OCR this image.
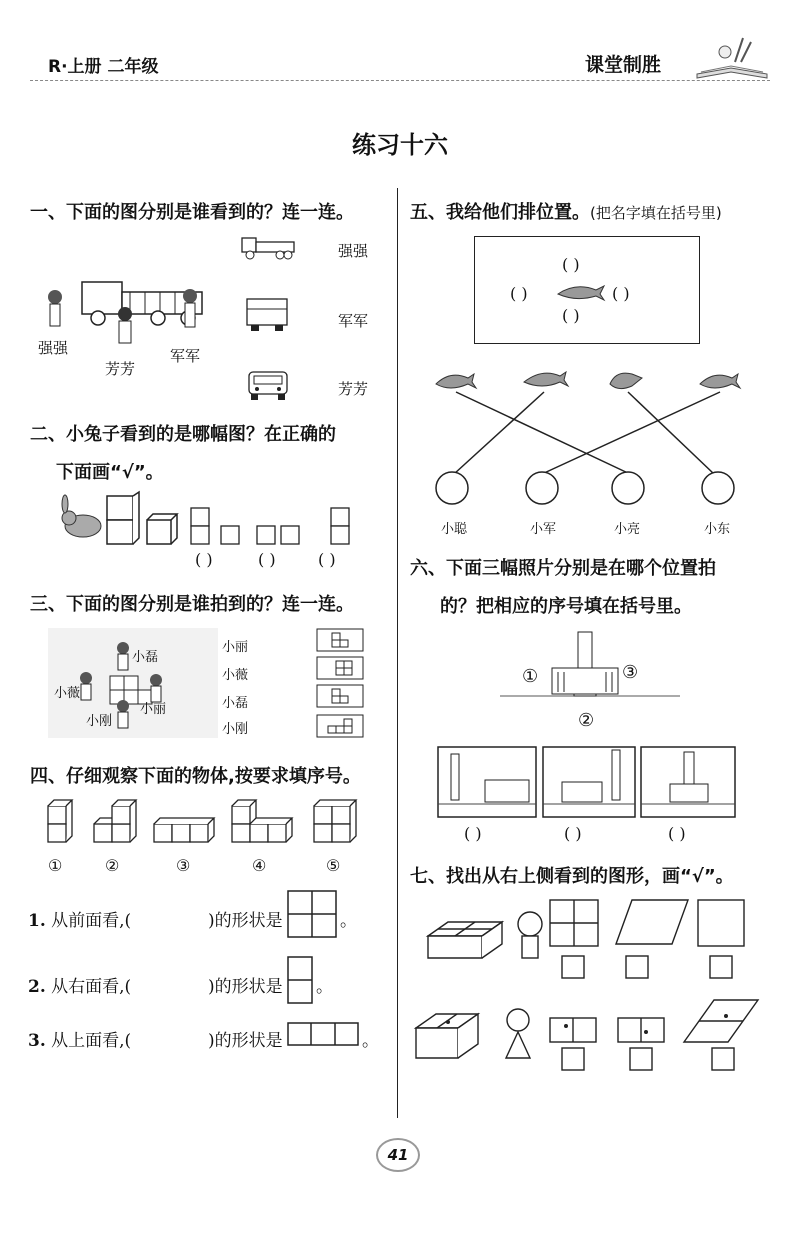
R·上册 二年级	课堂制胜
练习十六
一、下面的图分别是谁看到的？连一连。
强强
芳芳
军军
强强
军军
芳芳
二、小兔子看到的是哪幅图？在正确的
下面画“√”。
( )	( )	( )
三、下面的图分别是谁拍到的？连一连。
小磊
小薇
小丽
小刚
小丽
小薇
小磊
小刚
四、仔细观察下面的物体,按要求填序号。
①	②	③	④	⑤
1. 从前面看,(	)的形状是	。
2. 从右面看,(	)的形状是 。
3. 从上面看,(	)的形状是	。
五、我给他们排位置。(把名字填在括号里)
( )
( )	( )
( )
小聪	小军	小亮	小东
六、下面三幅照片分别是在哪个位置拍
的？把相应的序号填在括号里。
①
②
③
( )	( )	( )
七、找出从右上侧看到的图形，画“√”。
41
